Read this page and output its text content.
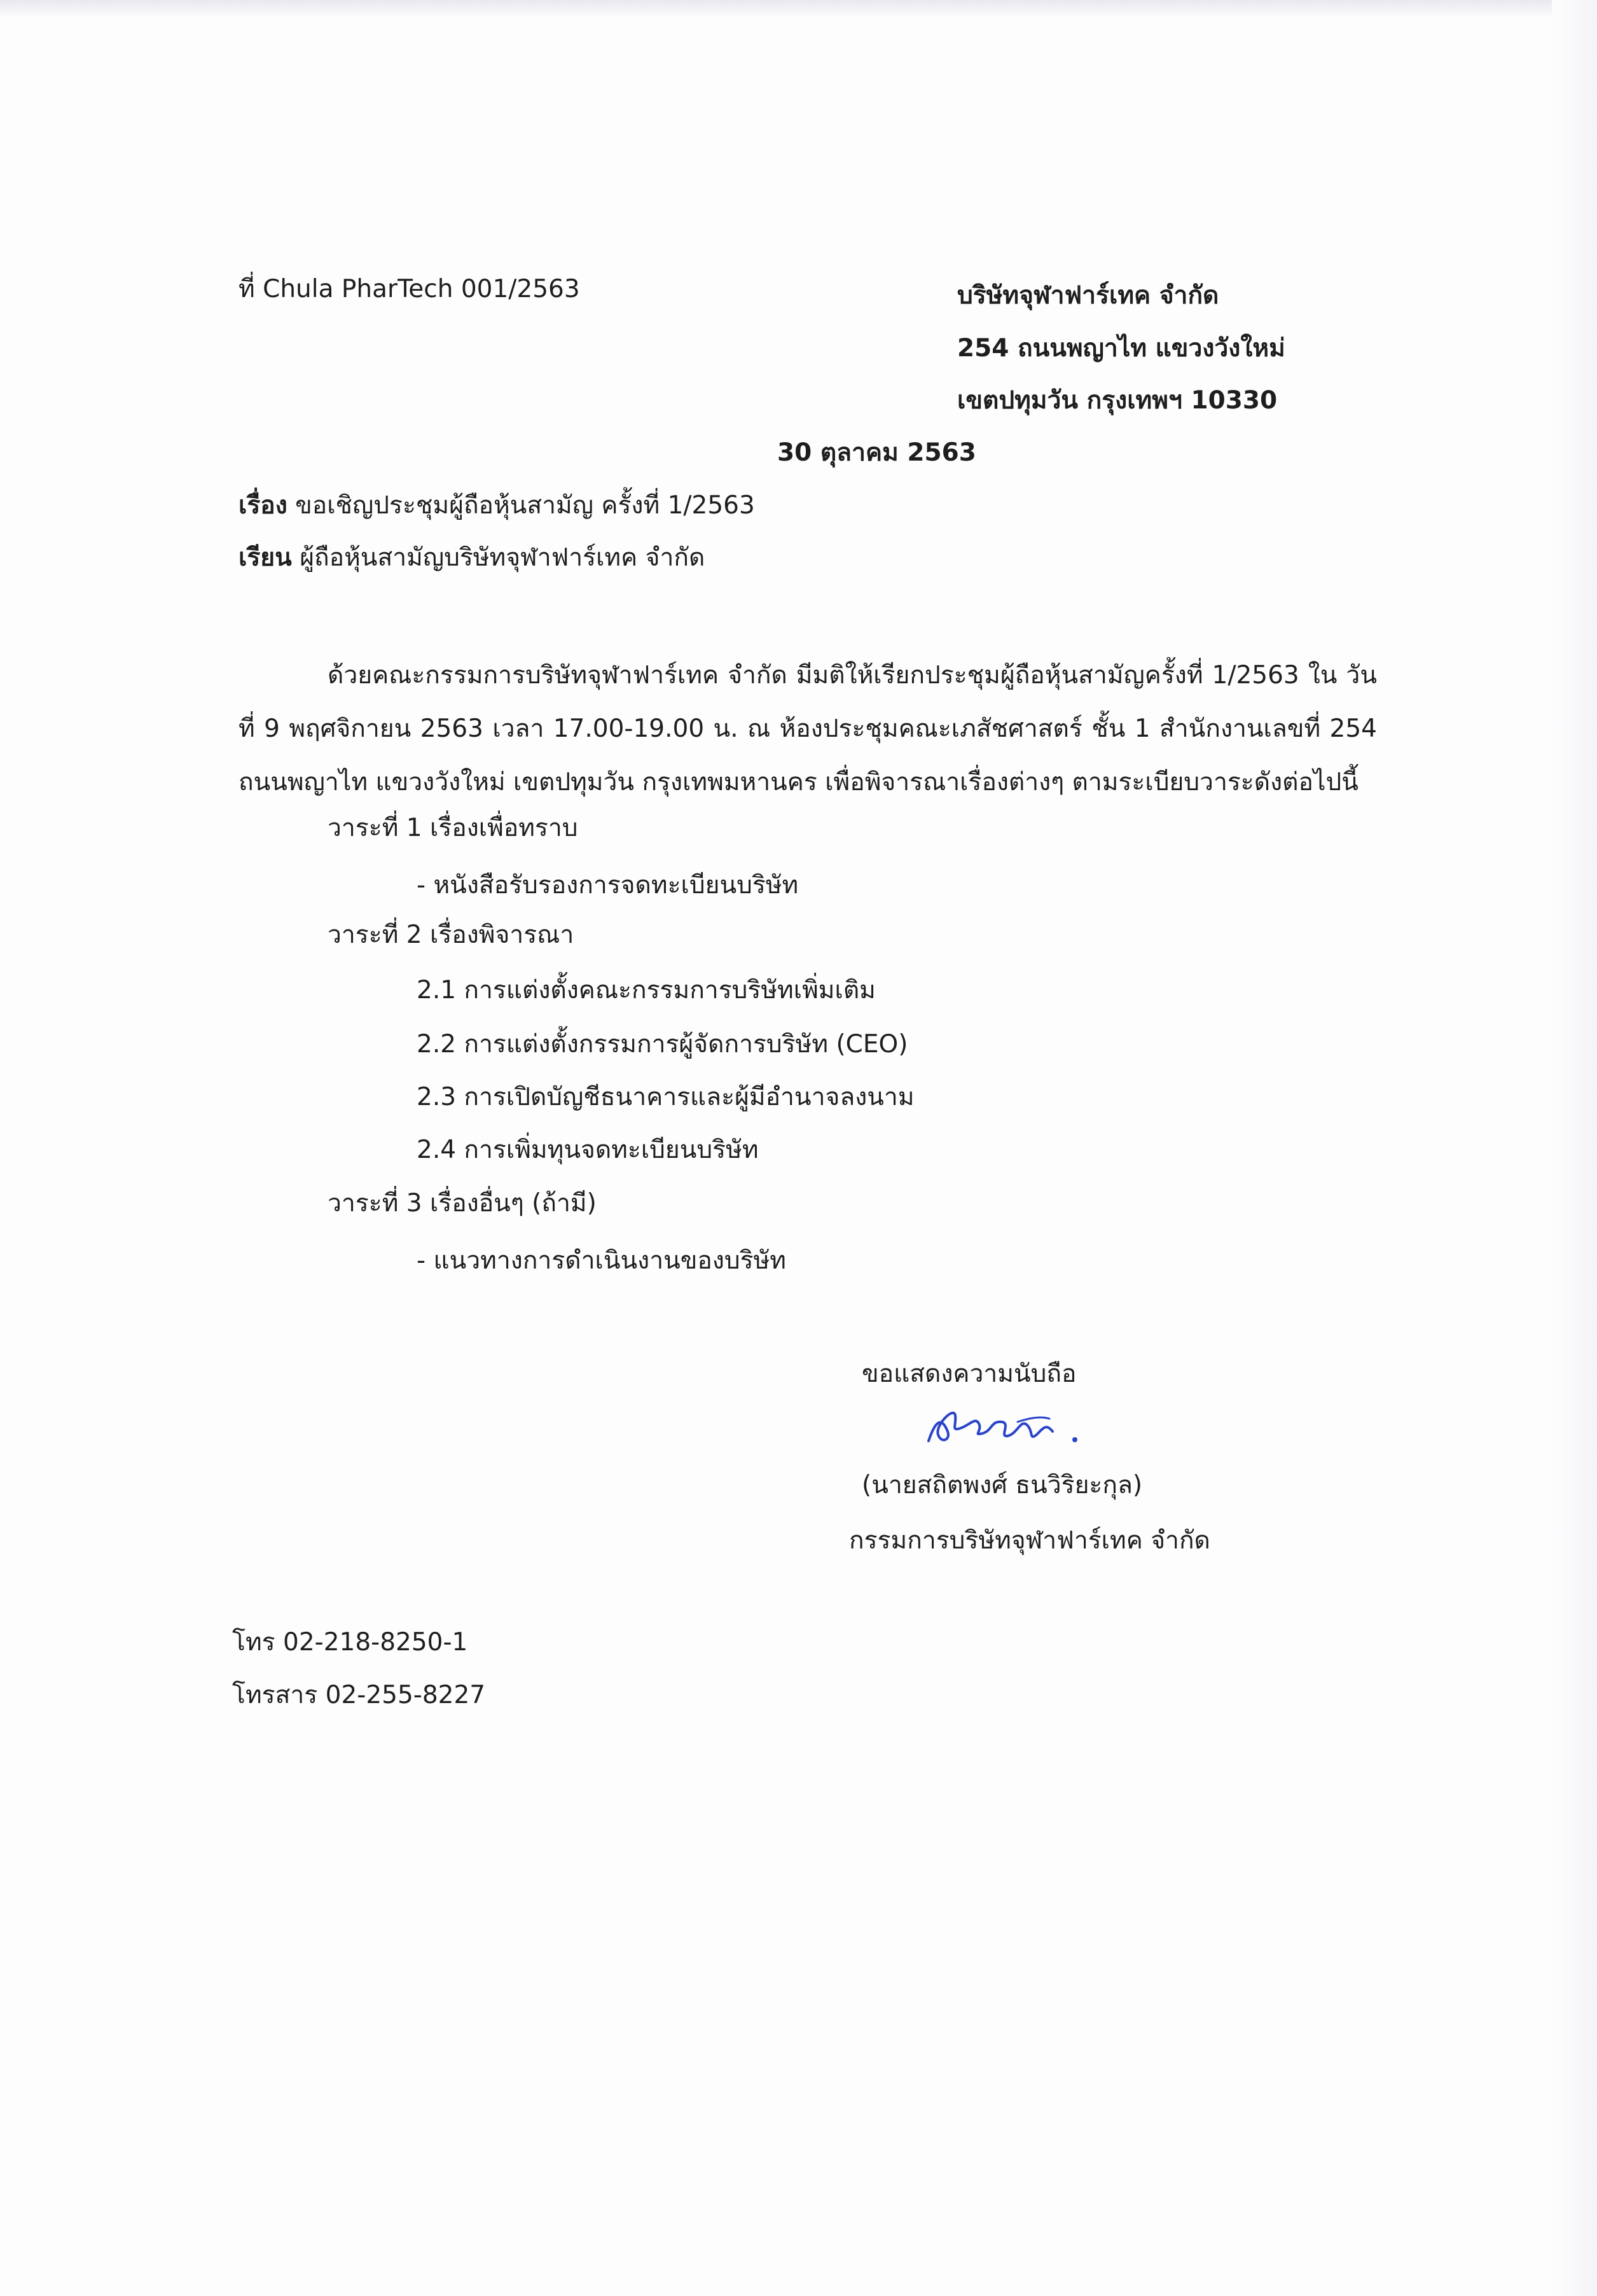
ที่ Chula PharTech 001/2563	บริษัทจุฬาฟาร์เทค จำกัด
254 ถนนพญาไท แขวงวังใหม่
เขตปทุมวัน กรุงเทพฯ 10330
30 ตุลาคม 2563
เรื่อง ขอเชิญประชุมผู้ถือหุ้นสามัญ ครั้งที่ 1/2563
เรียน ผู้ถือหุ้นสามัญบริษัทจุฬาฟาร์เทค จำกัด

ด้วยคณะกรรมการบริษัทจุฬาฟาร์เทค จำกัด มีมติให้เรียกประชุมผู้ถือหุ้นสามัญครั้งที่ 1/2563 ใน วันที่ 9 พฤศจิกายน 2563 เวลา 17.00-19.00 น. ณ ห้องประชุมคณะเภสัชศาสตร์ ชั้น 1 สำนักงานเลขที่ 254 ถนนพญาไท แขวงวังใหม่ เขตปทุมวัน กรุงเทพมหานคร เพื่อพิจารณาเรื่องต่างๆ ตามระเบียบวาระดังต่อไปนี้

วาระที่ 1 เรื่องเพื่อทราบ
- หนังสือรับรองการจดทะเบียนบริษัท
วาระที่ 2 เรื่องพิจารณา
2.1 การแต่งตั้งคณะกรรมการบริษัทเพิ่มเติม
2.2 การแต่งตั้งกรรมการผู้จัดการบริษัท (CEO)
2.3 การเปิดบัญชีธนาคารและผู้มีอำนาจลงนาม
2.4 การเพิ่มทุนจดทะเบียนบริษัท
วาระที่ 3 เรื่องอื่นๆ (ถ้ามี)
- แนวทางการดำเนินงานของบริษัท
ขอแสดงความนับถือ
(นายสถิตพงศ์ ธนวิริยะกุล)
กรรมการบริษัทจุฬาฟาร์เทค จำกัด
โทร 02-218-8250-1
โทรสาร 02-255-8227
